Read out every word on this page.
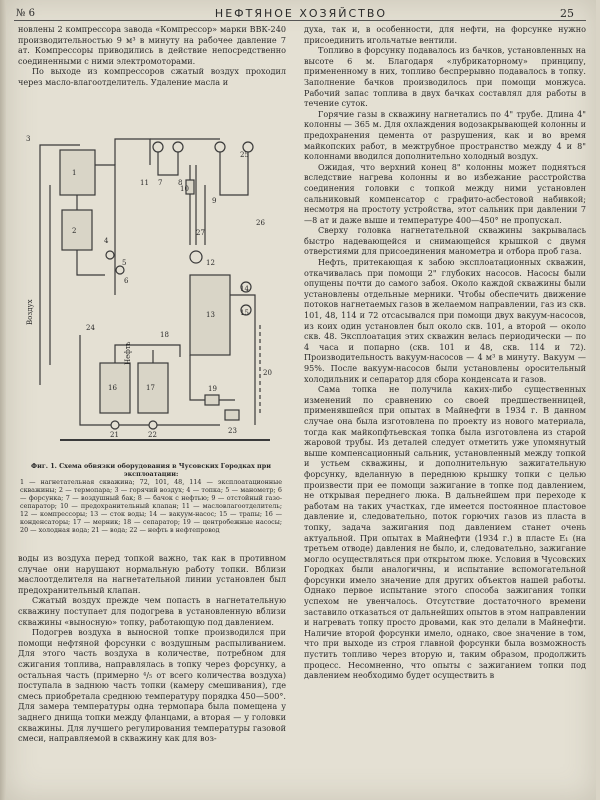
№ 6	НЕФТЯНОЕ ХОЗЯЙСТВО	25

новлены 2 компрессора завода «Компрессор» марки ВВК-240 производительностью 9 м³ в минуту на рабочее давление 7 ат. Компрессоры приводились в действие непосредственно соединенными с ними электромоторами.

По выходе из компрессоров сжатый воздух проходил через масло-влагоотделитель. Удаление масла и

1
2
3
4
5
6
7 8
9
10
11
12
13
14
15
16	17
18
19
20
21	22	23
24
25
26
27
Воздух
Нефть
Фиг. 1. Схема обвязки оборудования в Чусовских Городках при эксплоатации:
1 — нагнетательная скважина; 72, 101, 48, 114 — эксплоатационные скважины; 2 — термопара; 3 — горячий воздух; 4 — топка; 5 — манометр; 6 — форсунка; 7 — воздушный бак; 8 — бачок с нефтью; 9 — отстойный газо-сепаратор; 10 — предохранительный клапан; 11 — масловлагоотделитель; 12 — компрессоры; 13 — сток воды; 14 — вакуум-насос; 15 — трапы; 16 — конденсаторы; 17 — мерник; 18 — сепаратор; 19 — центробежные насосы; 20 — холодная вода; 21 — вода; 22 — нефть в нефтепровод

воды из воздуха перед топкой важно, так как в противном случае они нарушают нормальную работу топки. Вблизи маслоотделителя на нагнетательной линии установлен был предохранительный клапан.

Сжатый воздух прежде чем попасть в нагнетательную скважину поступает для подогрева в установленную вблизи скважины «выносную» топку, работающую под давлением.

Подогрев воздуха в выносной топке производился при помощи нефтяной форсунки с воздушным распыливанием. Для этого часть воздуха в количестве, потребном для сжигания топлива, направлялась в топку через форсунку, а остальная часть (примерно ⁴/₅ от всего количества воздуха) поступала в заднюю часть топки (камеру смешивания), где смесь приобретала среднюю температуру порядка 450—500°. Для замера температуры одна термопара была помещена у заднего днища топки между фланцами, а вторая — у головки скважины. Для лучшего регулирования температуры газовой смеси, направляемой в скважину как для воз-

духа, так и, в особенности, для нефти, на форсунке нужно присоединить игольчатые вентили.

Топливо в форсунку подавалось из бачков, установленных на высоте 6 м. Благодаря «лубрикаторному» принципу, примененному в них, топливо беспрерывно подавалось в топку. Заполнение бачков производилось при помощи монжуса. Рабочий запас топлива в двух бачках составлял для работы в течение суток.

Горячие газы в скважину нагнетались по 4" трубе. Длина 4" колонны — 365 м. Для охлаждения водозакрывающей колонны и предохранения цемента от разрушения, как и во время майкопских работ, в межтрубное пространство между 4 и 8" колоннами вводился дополнительно холодный воздух.

Ожидая, что верхний конец 8" колонны может подняться вследствие нагрева колонны и во избежание расстройства соединения головки с топкой между ними установлен сальниковый компенсатор с графито-асбестовой набивкой; несмотря на простоту устройства, этот сальник при давлении 7—8 ат и даже выше и температуре 400—450° не пропускал.

Сверху головка нагнетательной скважины закрывалась быстро надевающейся и снимающейся крышкой с двумя отверстиями для присоединения манометра и отбора проб газа.

Нефть, притекающая к забою эксплоатационных скважин, откачивалась при помощи 2" глубоких насосов. Насосы были опущены почти до самого забоя. Около каждой скважины были установлены отдельные мерники. Чтобы обеспечить движение потоков нагнетаемых газов в желаемом направлении, газ из скв. 101, 48, 114 и 72 отсасывался при помощи двух вакуум-насосов, из коих один установлен был около скв. 101, а второй — около скв. 48. Эксплоатация этих скважин велась периодически — по 4 часа и попарно (скв. 101 и 48, скв. 114 и 72). Производительность вакуум-насосов — 4 м³ в минуту. Вакуум — 95%. После вакуум-насосов были установлены оросительный холодильник и сепаратор для сбора конденсата и газов.

Сама топка не получила каких-либо существенных изменений по сравнению со своей предшественницей, применявшейся при опытах в Майнефти в 1934 г. В данном случае она была изготовлена по проекту из нового материала, тогда как майкопфтьевская топка была изготовлена из старой жаровой трубы. Из деталей следует отметить уже упомянутый выше компенсационный сальник, установленный между топкой и устьем скважины, и дополнительную зажигательную форсунку, вделанную в переднюю крышку топки с целью произвести при ее помощи зажигание в топке под давлением, не открывая переднего люка. В дальнейшем при переходе к работам на таких участках, где имеется постоянное пластовое давление и, следовательно, поток горючих газов из пласта в топку, задача зажигания под давлением станет очень актуальной. При опытах в Майнефти (1934 г.) в пласте Е₁ (на третьем отводе) давления не было, и, следовательно, зажигание могло осуществляться при открытом люке. Условия в Чусовских Городках были аналогичны, и испытание вспомогательной форсунки имело значение для других объектов нашей работы. Однако первое испытание этого способа зажигания топки успехом не увенчалось. Отсутствие достаточного времени заставило отказаться от дальнейших опытов в этом направлении и нагревать топку просто дровами, как это делали в Майнефти. Наличие второй форсунки имело, однако, свое значение в том, что при выходе из строя главной форсунки была возможность пустить топливо через вторую и, таким образом, продолжить процесс. Несомненно, что опыты с зажиганием топки под давлением необходимо будет осуществить в
